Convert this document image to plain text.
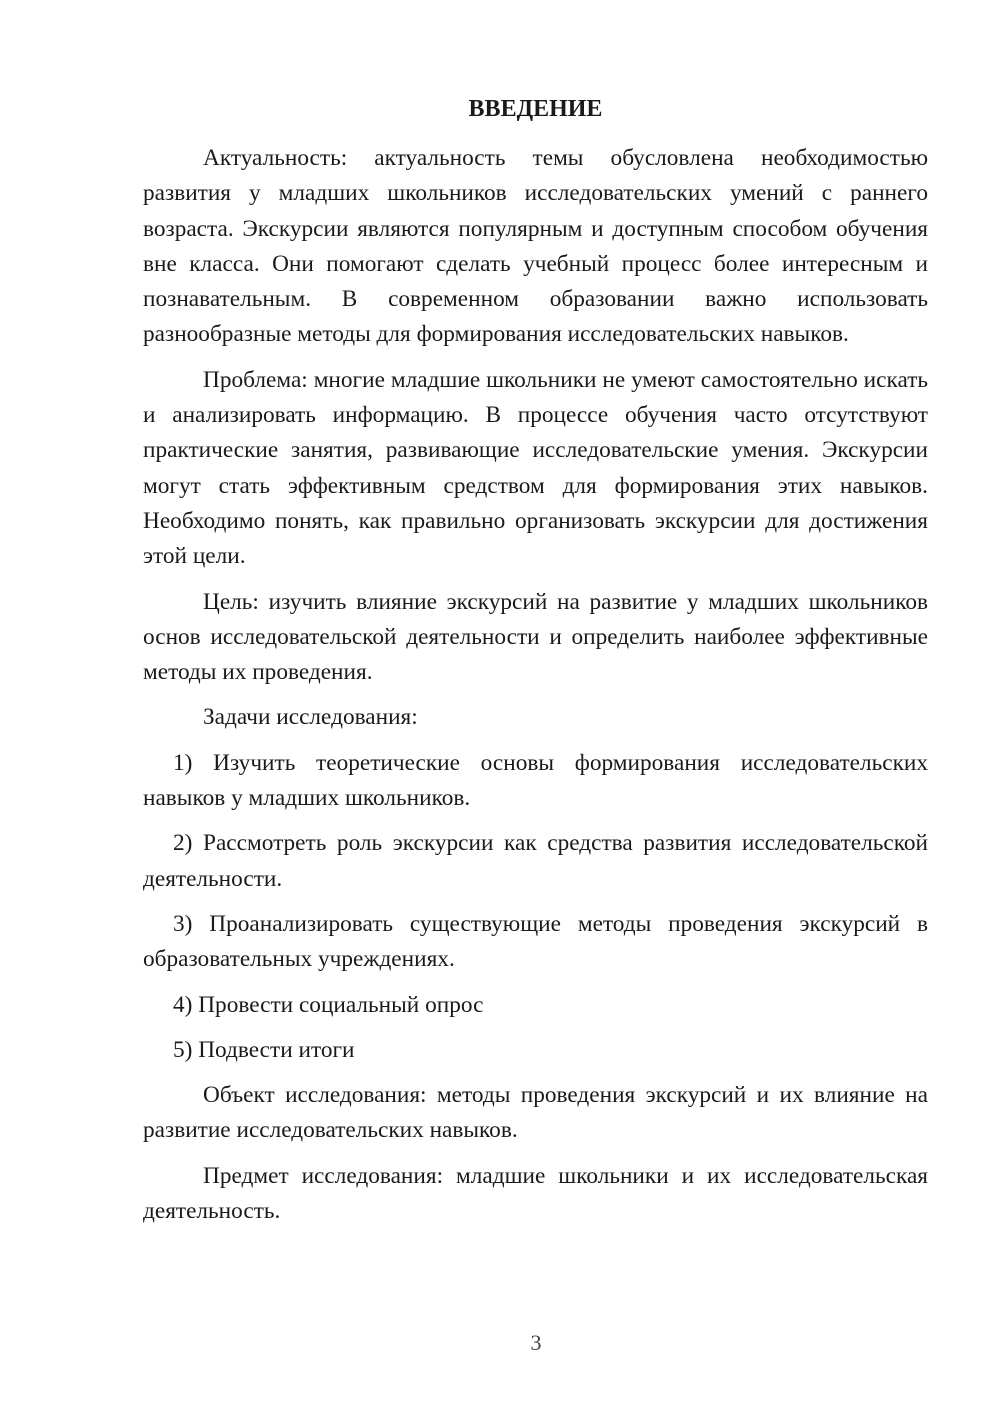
ВВЕДЕНИЕ

Актуальность: актуальность темы обусловлена необходимостью развития у младших школьников исследовательских умений с раннего возраста. Экскурсии являются популярным и доступным способом обучения вне класса. Они помогают сделать учебный процесс более интересным и познавательным. В современном образовании важно использовать разнообразные методы для формирования исследовательских навыков.

Проблема: многие младшие школьники не умеют самостоятельно искать и анализировать информацию. В процессе обучения часто отсутствуют практические занятия, развивающие исследовательские умения. Экскурсии могут стать эффективным средством для формирования этих навыков. Необходимо понять, как правильно организовать экскурсии для достижения этой цели.

Цель: изучить влияние экскурсий на развитие у младших школьников основ исследовательской деятельности и определить наиболее эффективные методы их проведения.

Задачи исследования:

1) Изучить теоретические основы формирования исследовательских навыков у младших школьников.

2) Рассмотреть роль экскурсии как средства развития исследовательской деятельности.

3) Проанализировать существующие методы проведения экскурсий в образовательных учреждениях.

4) Провести социальный опрос

5) Подвести итоги

Объект исследования: методы проведения экскурсий и их влияние на развитие исследовательских навыков.

Предмет исследования: младшие школьники и их исследовательская деятельность.

3
